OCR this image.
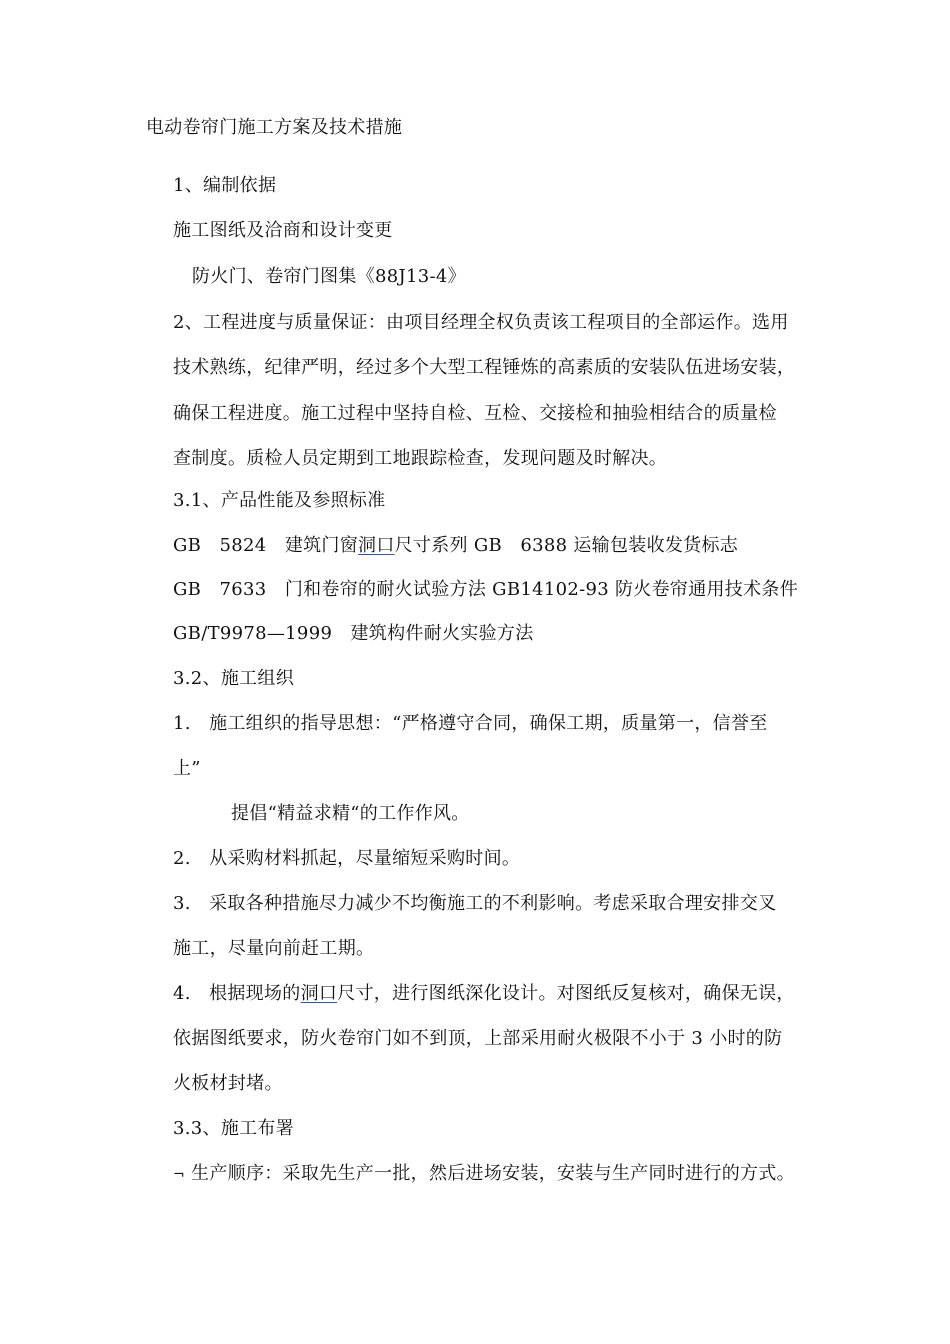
电动卷帘门施工方案及技术措施
1、编制依据
施工图纸及洽商和设计变更
防火门、卷帘门图集《88J13-4》
2、工程进度与质量保证：由项目经理全权负责该工程项目的全部运作。选用
技术熟练，纪律严明，经过多个大型工程锤炼的高素质的安装队伍进场安装，
确保工程进度。施工过程中坚持自检、互检、交接检和抽验相结合的质量检
查制度。质检人员定期到工地跟踪检查，发现问题及时解决。
3.1、产品性能及参照标准
GB　5824　建筑门窗洞口尺寸系列 GB　6388 运输包装收发货标志
GB　7633　门和卷帘的耐火试验方法 GB14102-93 防火卷帘通用技术条件
GB/T9978—1999　建筑构件耐火实验方法
3.2、施工组织
1.　施工组织的指导思想：“严格遵守合同，确保工期，质量第一，信誉至
上”
提倡“精益求精“的工作作风。
2.　从采购材料抓起，尽量缩短采购时间。
3.　采取各种措施尽力减少不均衡施工的不利影响。考虑采取合理安排交叉
施工，尽量向前赶工期。
4.　根据现场的洞口尺寸，进行图纸深化设计。对图纸反复核对，确保无误，
依据图纸要求，防火卷帘门如不到顶，上部采用耐火极限不小于 3 小时的防
火板材封堵。
3.3、施工布署
¬ 生产顺序：采取先生产一批，然后进场安装，安装与生产同时进行的方式。
